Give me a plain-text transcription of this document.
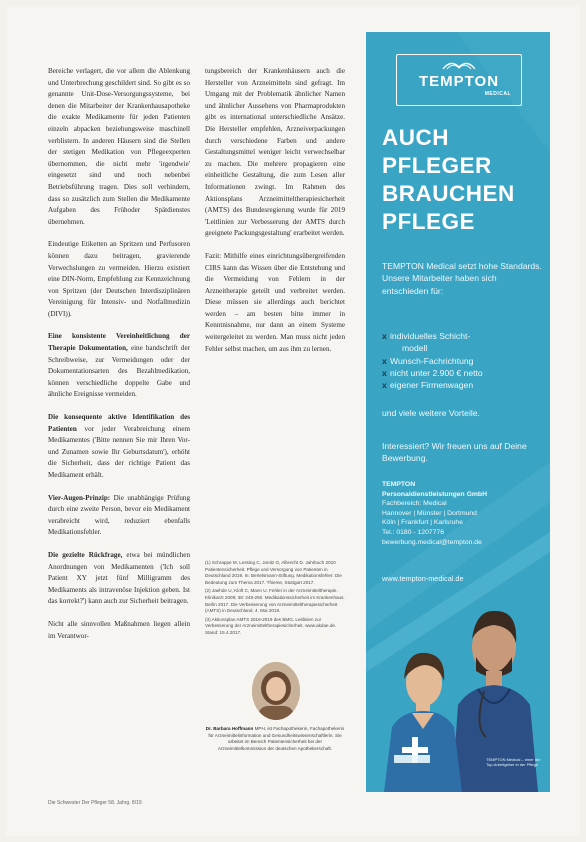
Bereiche verlagert, die vor allem die Ablenkung und Unterbrechung geschildert sind. So gibt es so genannte Unit-Dose-Versorgungssysteme, bei denen die Mitarbeiter der Krankenhausapotheke die exakte Medikamente für jeden Patienten einzeln abpacken beziehungsweise maschinell verblistern. In anderen Häusern sind die Stellen der stetigen Medikation von Pflegeexperten übernommen, die nicht mehr 'irgendwie' eingesetzt sind und noch nebenbei Betriebsführung tragen. Dies soll verhindern, dass so zusätzlich zum Stellen die Medikamente Aufgaben des Frühoder Spätdienstes übernehmen.

Eindeutige Etiketten an Spritzen und Perfusoren können dazu beitragen, gravierende Verwechslungen zu vermeiden. Hierzu existiert eine DIN-Norm, Empfehlung zur Kennzeichnung von Spritzen (der Deutschen Interdisziplinären Vereinigung für Intensiv- und Notfallmedizin (DIVI)).

Eine konsistente Vereinheitlichung der Therapie Dokumentation, eine handschrift der Schreibweise, zur Vermeidungen oder der Dokumentationsarten des Bezahlmedikation, können verschiedliche doppelte Gabe und ähnliche Ereignisse vermeiden.

Die konsequente aktive Identifikation des Patienten vor jeder Verabreichung einem Medikamentes ('Bitte nennen Sie mir Ihren Vor- und Zunamen sowie Ihr Geburtsdatum'), erhöht die Sicherheit, dass der richtige Patient das Medikament erhält.

Vier-Augen-Prinzip: Die unabhängige Prüfung durch eine zweite Person, bevor ein Medikament verabreicht wird, reduziert ebenfalls Medikationsfehler.

Die gezielte Rückfrage, etwa bei mündlichen Anordnungen von Medikamenten ('Ich soll Patient XY jetzt fünf Milligramm des Medikaments als intravenöse Injektion geben. Ist das korrekt?') kann auch zur Sicherheit beitragen.

Nicht alle sinnvollen Maßnahmen liegen allein im Verantwor-

tungsbereich der Krankenhäusern auch die Hersteller von Arzneimitteln sind gefragt. Im Umgang mit der Problematik ähnlicher Namen und ähnlicher Aussehens von Pharmaprodukten gibt es international unterschiedliche Ansätze. Die Hersteller empfehlen, Arzneiverpackungen durch verschiedene Farben und andere Gestaltungsmittel weniger leicht verwechselbar zu machen. Die mehrere propagieren eine einheitliche Gestaltung, die zum Lesen aller Informationen zwingt. Im Rahmen des Aktionsplans Arzneimitteltherapiesicherheit (AMTS) des Bundesregierung wurde für 2019 'Leitlinien zur Verbesserung der AMTS durch geeignete Packungsgestaltung' erarbeitet werden.

Fazit: Mithilfe eines einrichtungsübergreifenden CIRS kann das Wissen über die Entstehung und die Vermeidung von Fehlern in der Arzneitherapie geteilt und verbreitet werden. Diese müssen sie allerdings auch berichtet werden – am besten bitte immer in Kenntnisnahme, nur dann an einem Systeme weitergeleitet zu werden. Man muss nicht jeden Fehler selbst machen, um aus ihm zu lernen.

(1) Schrappe M, Lessing C, Jonitz G, Albrecht D. Jahrbuch 2010 Patientensicherheit. Pflege und Versorgung von Patienten in Deutschland 2019. In: Bertelsmann-Stiftung. Medikationsfehler: Die Bedeutung zum Thema 2017. Thieme, Stuttgart 2017.

(2) Jaehde U, Kloft C, Mann U. Fehler in der Arzneimitteltherapie. Klinikarzt 2009; 38: 248-250. Medikationssicherheit im Krankenhaus. Berlin 2017. Die Verbesserung von Arzneimitteltherapiesicherheit (AMTS) in Deutschland. 4. Mai 2019.

(3) Aktionsplan AMTS 2016-2019 des BMG. Leitlinien zur Verbesserung der Arzneimitteltherapiesicherheit. www.akdae.de. Stand: 15.4.2017.

Dr. Barbara Hoffmann MPH, ist Fachapothekerin, Fachapothekerin für Arzneimittelinformation und Gesundheitswissenschaftlerin. Sie arbeitet im Bereich Patientensicherheit bei der Arzneimittelkommission der deutschen Apothekerschaft.
Die Schwester Der Pfleger 58. Jahrg. 8/19
TEMPTON
MEDICAL
AUCH
PFLEGER
BRAUCHEN
PFLEGE
TEMPTON Medical setzt hohe Standards. Unsere Mitarbeiter haben sich entschieden für:
x individuelles Schicht-
modell
x Wunsch-Fachrichtung
x nicht unter 2.900 € netto
x eigener Firmenwagen
und viele weitere Vorteile.
Interessiert? Wir freuen uns auf Deine Bewerbung.
TEMPTON
Personaldienstleistungen GmbH
Fachbereich: Medical
Hannover | Münster | Dortmund
Köln | Frankfurt | Karlsruhe
Tel.: 0180 - 1207776
bewerbung.medical@tempton.de
www.tempton-medical.de
TEMPTON Medical – einer der Top-Arbeitgeber in der Pflege
